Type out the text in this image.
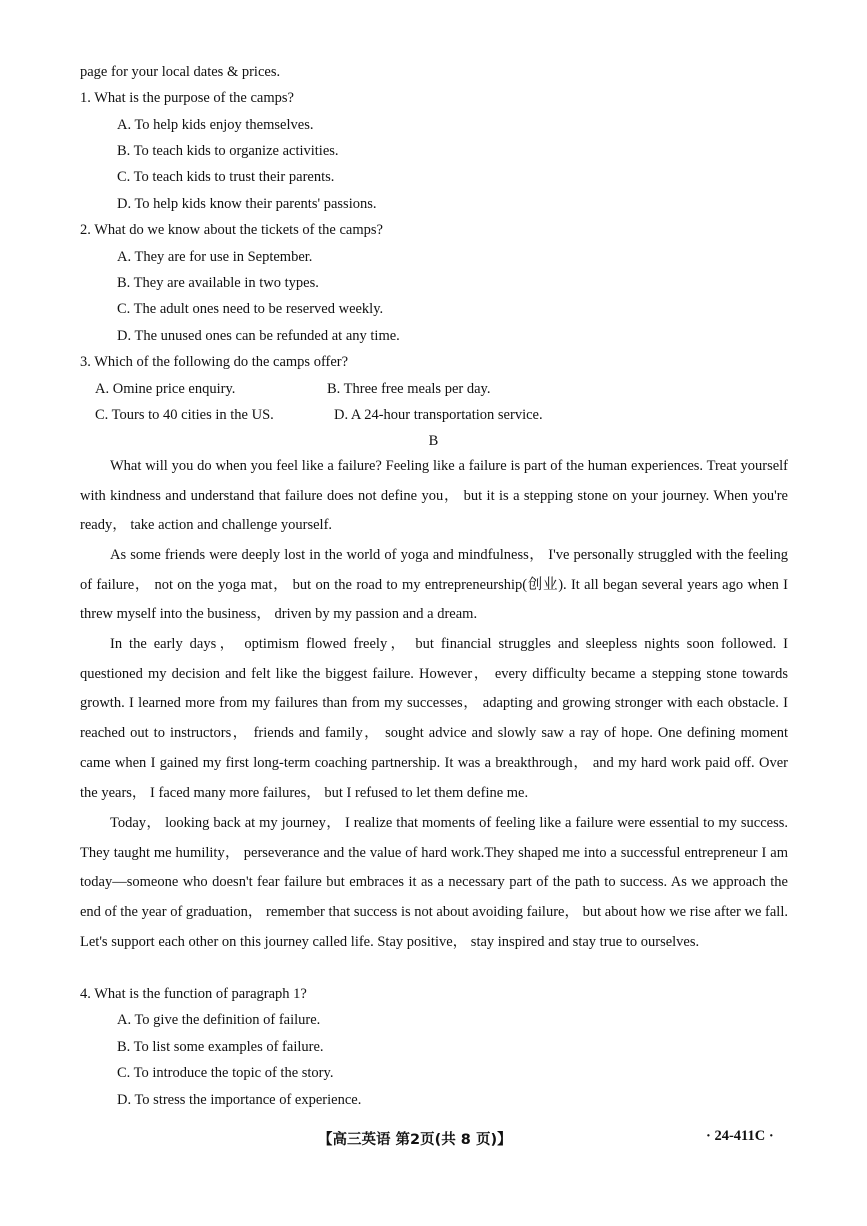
page for your local dates & prices.
1. What is the purpose of the camps?
A. To help kids enjoy themselves.
B. To teach kids to organize activities.
C. To teach kids to trust their parents.
D. To help kids know their parents' passions.
2. What do we know about the tickets of the camps?
A. They are for use in September.
B. They are available in two types.
C. The adult ones need to be reserved weekly.
D. The unused ones can be refunded at any time.
3. Which of the following do the camps offer?
A. Omine price enquiry.	B. Three free meals per day.
C. Tours to 40 cities in the US.	D. A 24-hour transportation service.
B

What will you do when you feel like a failure? Feeling like a failure is part of the human experiences. Treat yourself with kindness and understand that failure does not define you， but it is a stepping stone on your journey. When you're ready， take action and challenge yourself.

As some friends were deeply lost in the world of yoga and mindfulness， I've personally struggled with the feeling of failure， not on the yoga mat， but on the road to my entrepreneurship(创业). It all began several years ago when I threw myself into the business， driven by my passion and a dream.

In the early days， optimism flowed freely， but financial struggles and sleepless nights soon followed. I questioned my decision and felt like the biggest failure. However， every difficulty became a stepping stone towards growth. I learned more from my failures than from my successes， adapting and growing stronger with each obstacle. I reached out to instructors， friends and family， sought advice and slowly saw a ray of hope. One defining moment came when I gained my first long-term coaching partnership. It was a breakthrough， and my hard work paid off. Over the years， I faced many more failures， but I refused to let them define me.

Today， looking back at my journey， I realize that moments of feeling like a failure were essential to my success. They taught me humility， perseverance and the value of hard work.They shaped me into a successful entrepreneur I am today—someone who doesn't fear failure but embraces it as a necessary part of the path to success. As we approach the end of the year of graduation， remember that success is not about avoiding failure， but about how we rise after we fall. Let's support each other on this journey called life. Stay positive， stay inspired and stay true to ourselves.

4. What is the function of paragraph 1?
A. To give the definition of failure.
B. To list some examples of failure.
C. To introduce the topic of the story.
D. To stress the importance of experience.
【高三英语 第2页(共 8 页)】	· 24-411C ·
